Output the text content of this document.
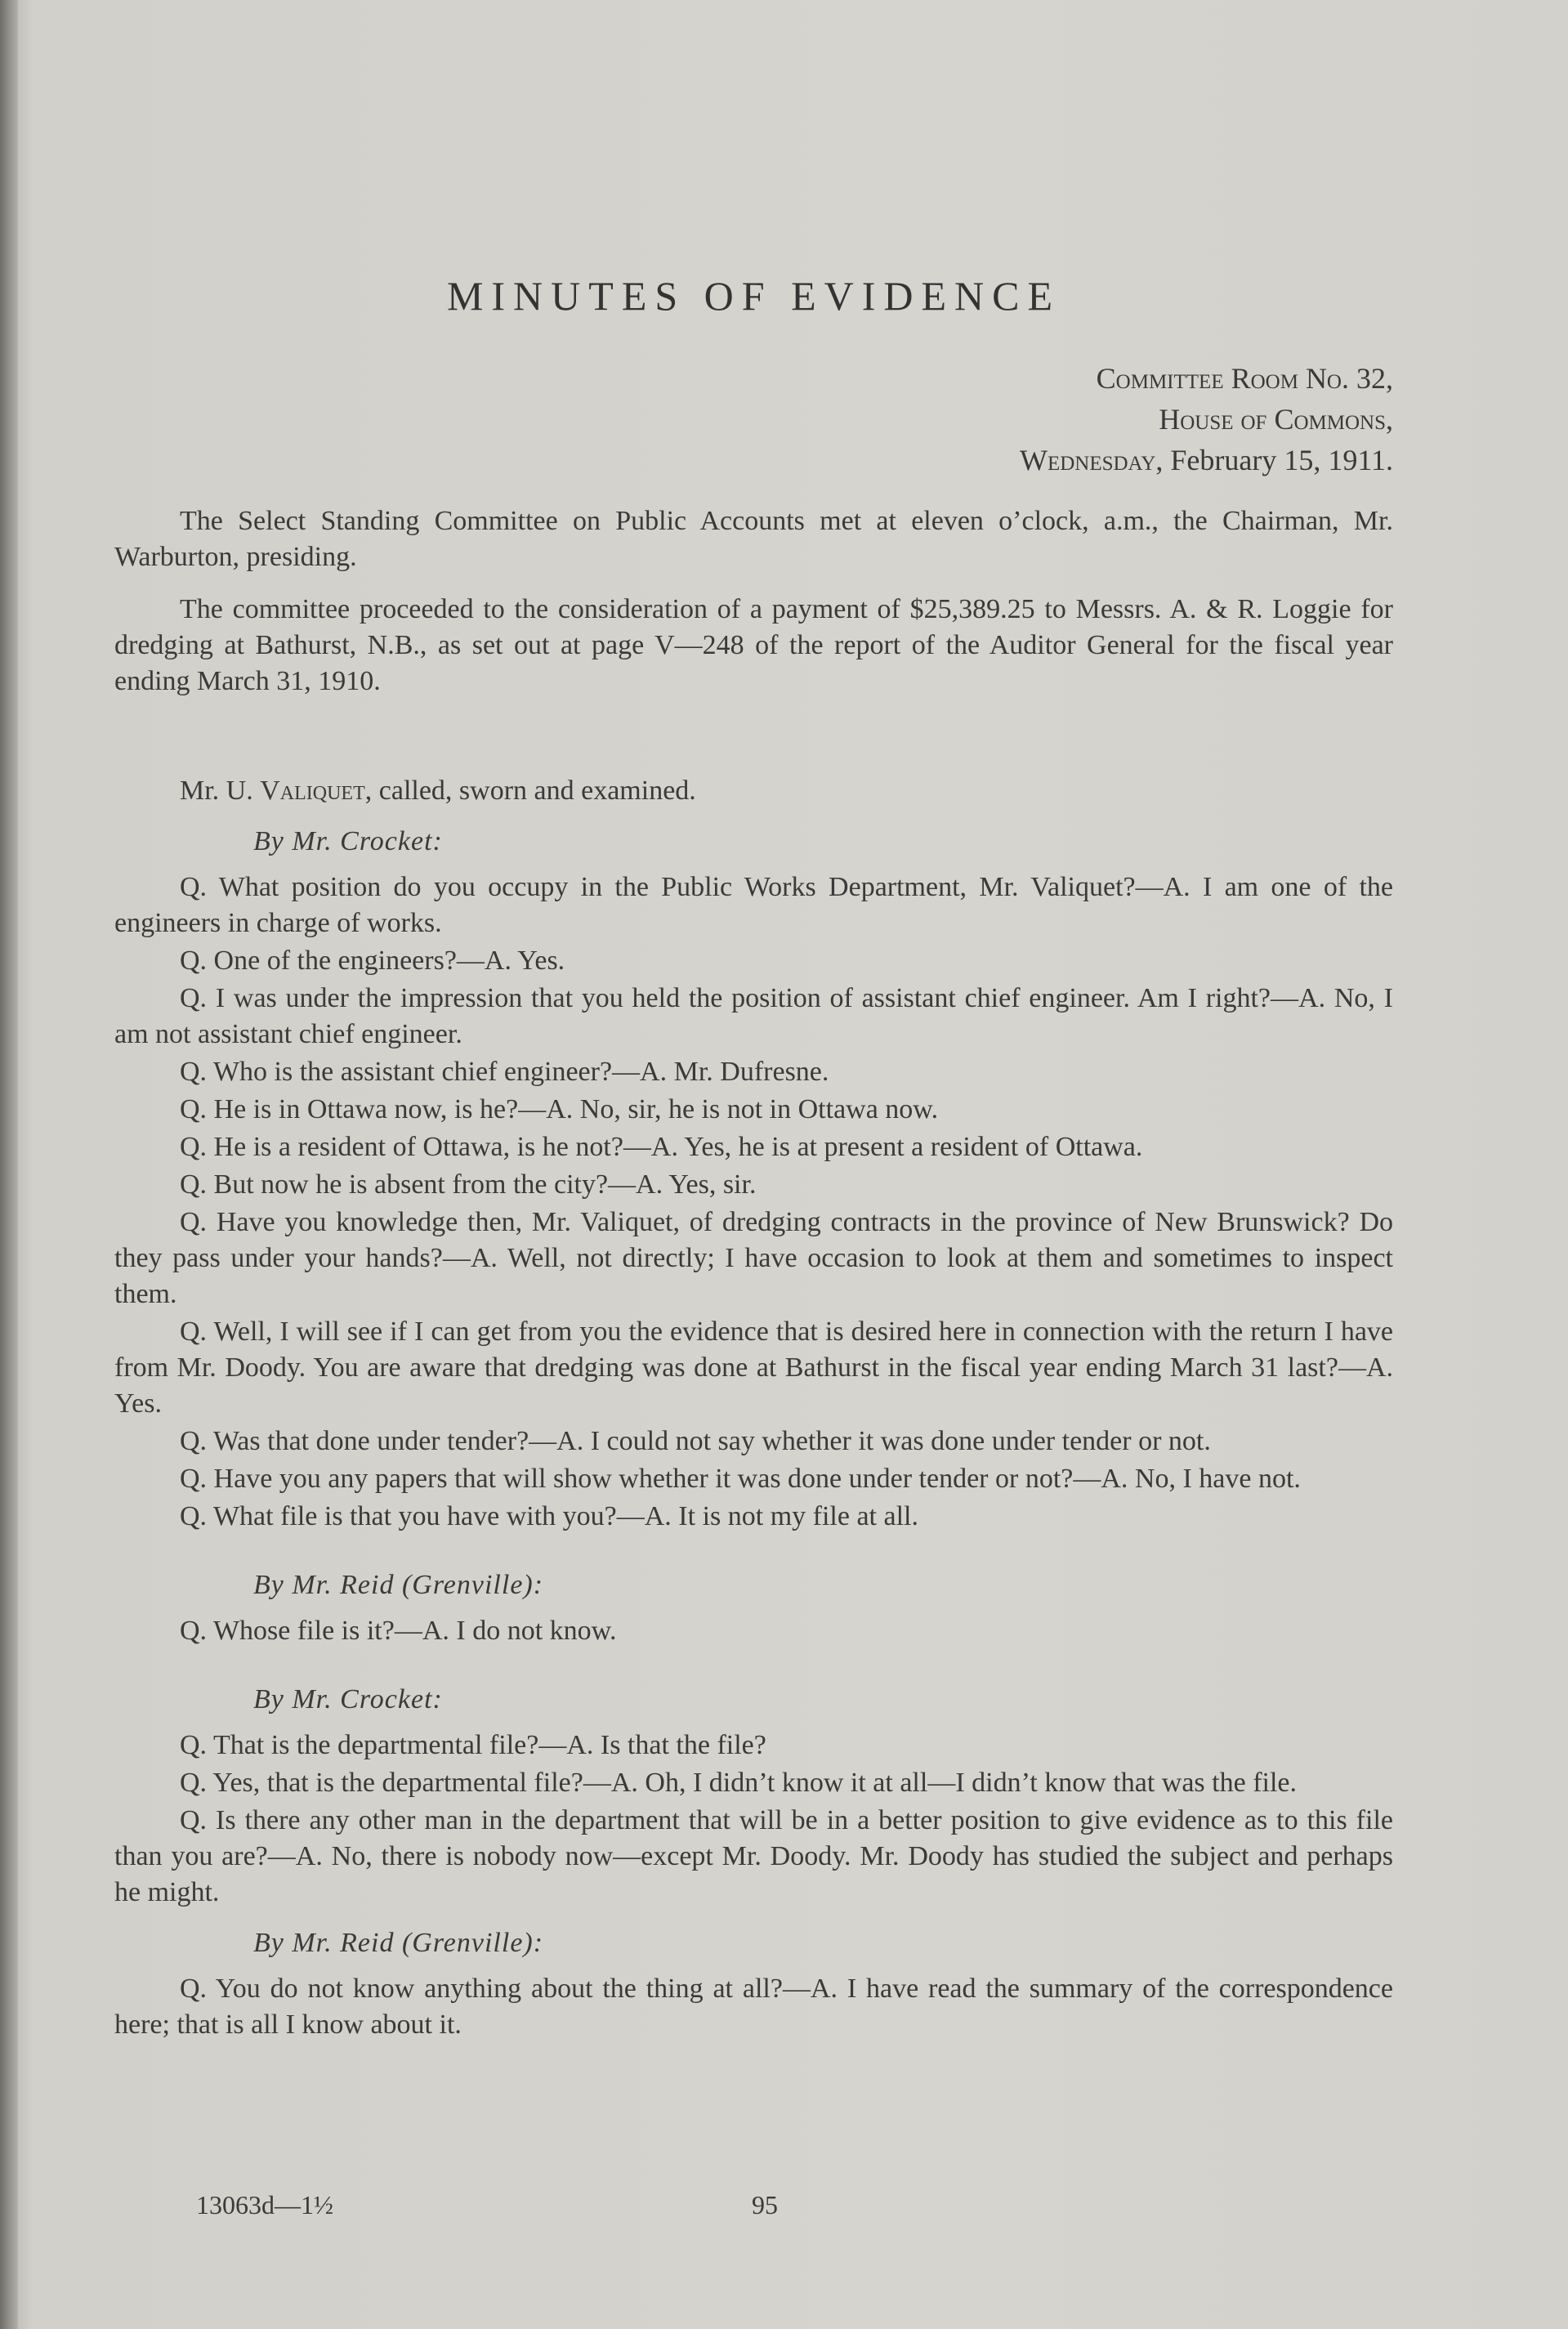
MINUTES OF EVIDENCE
Committee Room No. 32,
House of Commons,
Wednesday, February 15, 1911.

The Select Standing Committee on Public Accounts met at eleven o’clock, a.m., the Chairman, Mr. Warburton, presiding.

The committee proceeded to the consideration of a payment of $25,389.25 to Messrs. A. & R. Loggie for dredging at Bathurst, N.B., as set out at page V—248 of the report of the Auditor General for the fiscal year ending March 31, 1910.

Mr. U. Valiquet, called, sworn and examined.

By Mr. Crocket:

Q. What position do you occupy in the Public Works Department, Mr. Valiquet?—A. I am one of the engineers in charge of works.

Q. One of the engineers?—A. Yes.

Q. I was under the impression that you held the position of assistant chief engineer. Am I right?—A. No, I am not assistant chief engineer.

Q. Who is the assistant chief engineer?—A. Mr. Dufresne.

Q. He is in Ottawa now, is he?—A. No, sir, he is not in Ottawa now.

Q. He is a resident of Ottawa, is he not?—A. Yes, he is at present a resident of Ottawa.

Q. But now he is absent from the city?—A. Yes, sir.

Q. Have you knowledge then, Mr. Valiquet, of dredging contracts in the province of New Brunswick? Do they pass under your hands?—A. Well, not directly; I have occasion to look at them and sometimes to inspect them.

Q. Well, I will see if I can get from you the evidence that is desired here in connection with the return I have from Mr. Doody. You are aware that dredging was done at Bathurst in the fiscal year ending March 31 last?—A. Yes.

Q. Was that done under tender?—A. I could not say whether it was done under tender or not.

Q. Have you any papers that will show whether it was done under tender or not?—A. No, I have not.

Q. What file is that you have with you?—A. It is not my file at all.

By Mr. Reid (Grenville):

Q. Whose file is it?—A. I do not know.

By Mr. Crocket:

Q. That is the departmental file?—A. Is that the file?

Q. Yes, that is the departmental file?—A. Oh, I didn’t know it at all—I didn’t know that was the file.

Q. Is there any other man in the department that will be in a better position to give evidence as to this file than you are?—A. No, there is nobody now—except Mr. Doody. Mr. Doody has studied the subject and perhaps he might.

By Mr. Reid (Grenville):

Q. You do not know anything about the thing at all?—A. I have read the summary of the correspondence here; that is all I know about it.

13063d—1½	95
